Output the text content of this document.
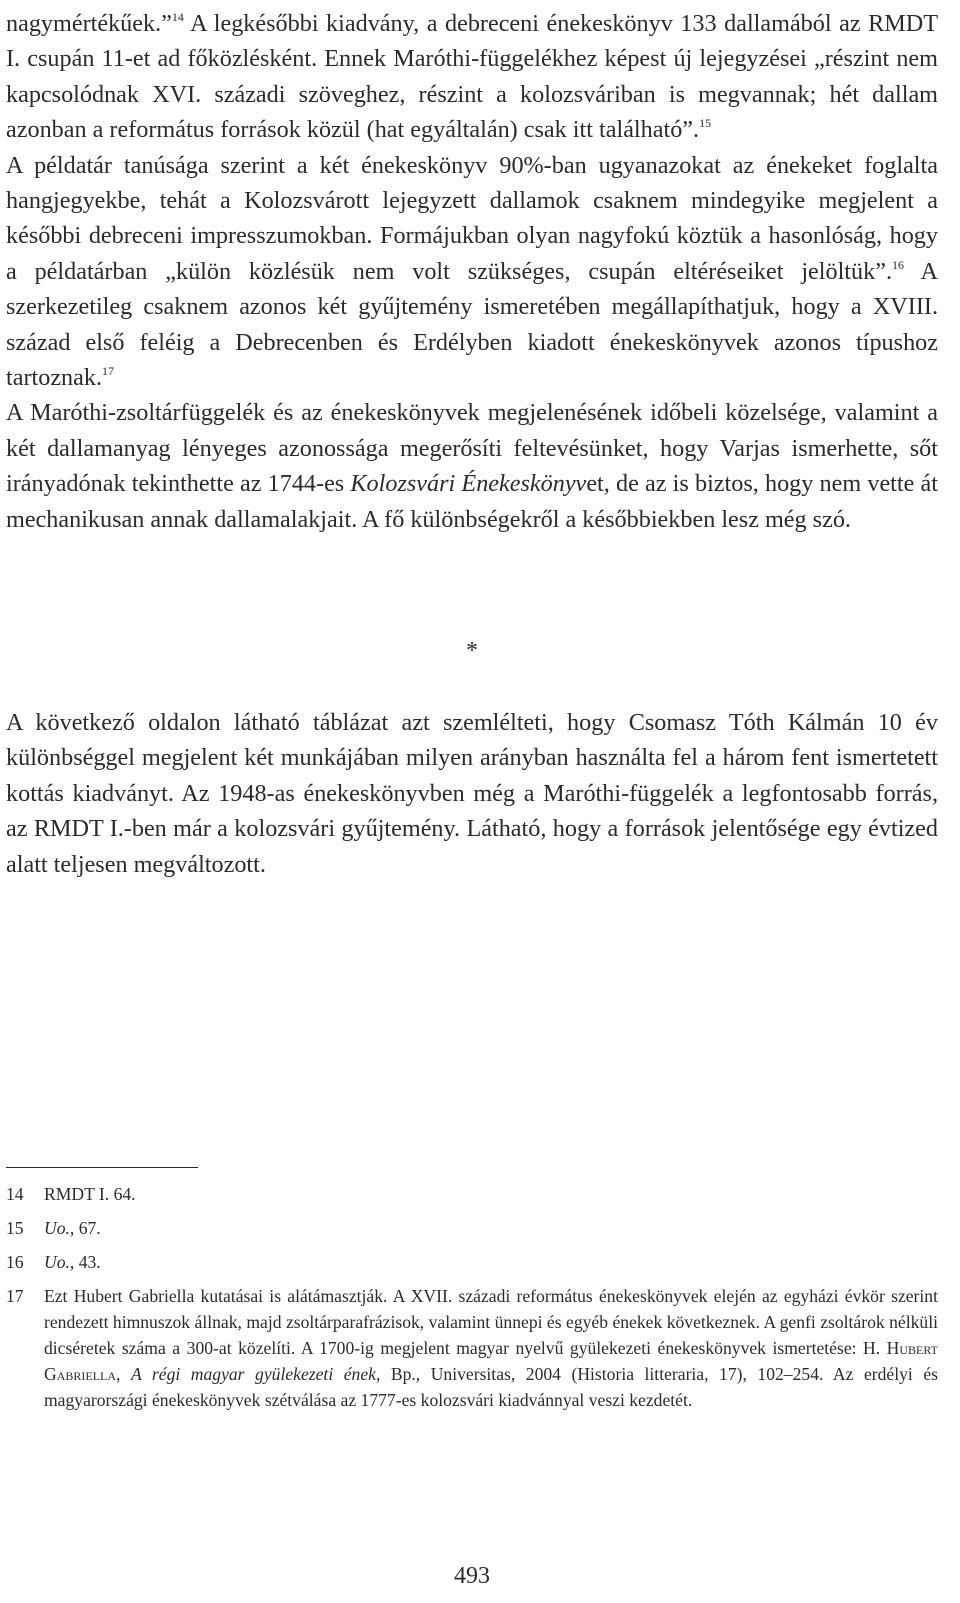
nagymértékűek.”$^{14}$ A legkésőbbi kiadvány, a debreceni énekeskönyv 133 dallamából az RMDT I. csupán 11-et ad főközlésként. Ennek Maróthi-függelékhez képest új lejegyzései „részint nem kapcsolódnak XVI. századi szöveghez, részint a kolozsváriban is megvannak; hét dallam azonban a református források közül (hat egyáltalán) csak itt található”.$^{15}$
A példatár tanúsága szerint a két énekeskönyv 90%-ban ugyanazokat az énekeket foglalta hangjegyekbe, tehát a Kolozsvárott lejegyzett dallamok csaknem mindegyike megjelent a későbbi debreceni impresszumokban. Formájukban olyan nagyfokú köztük a hasonlóság, hogy a példatárban „külön közlésük nem volt szükséges, csupán eltéréseiket jelöltük”.$^{16}$ A szerkezetileg csaknem azonos két gyűjtemény ismeretében megállapíthatjuk, hogy a XVIII. század első feléig a Debrecenben és Erdélyben kiadott énekeskönyvek azonos típushoz tartoznak.$^{17}$
A Maróthi-zsoltárfüggelék és az énekeskönyvek megjelenésének időbeli közelsége, valamint a két dallamanyag lényeges azonossága megerősíti feltevésünket, hogy Varjas ismerhette, sőt irányadónak tekinthette az 1744-es Kolozsvári Énekeskönyvet, de az is biztos, hogy nem vette át mechanikusan annak dallamalakjait. A fő különbségekről a későbbiekben lesz még szó.

*

A következő oldalon látható táblázat azt szemlélteti, hogy Csomasz Tóth Kálmán 10 év különbséggel megjelent két munkájában milyen arányban használta fel a három fent ismertetett kottás kiadványt. Az 1948-as énekeskönyvben még a Maróthi-függelék a legfontosabb forrás, az RMDT I.-ben már a kolozsvári gyűjtemény. Látható, hogy a források jelentősége egy évtized alatt teljesen megváltozott.

14 RMDT I. 64.

15 Uo., 67.

16 Uo., 43.

17 Ezt Hubert Gabriella kutatásai is alátámasztják. A XVII. századi református énekeskönyvek elején az egyházi évkör szerint rendezett himnuszok állnak, majd zsoltárparafrázisok, valamint ünnepi és egyéb énekek következnek. A genfi zsoltárok nélküli dicséretek száma a 300-at közelíti. A 1700-ig megjelent magyar nyelvű gyülekezeti énekeskönyvek ismertetése: H. Hubert Gabriella, A régi magyar gyülekezeti ének, Bp., Universitas, 2004 (Historia litteraria, 17), 102–254. Az erdélyi és magyarországi énekeskönyvek szétválása az 1777-es kolozsvári kiadvánnyal veszi kezdetét.

493
